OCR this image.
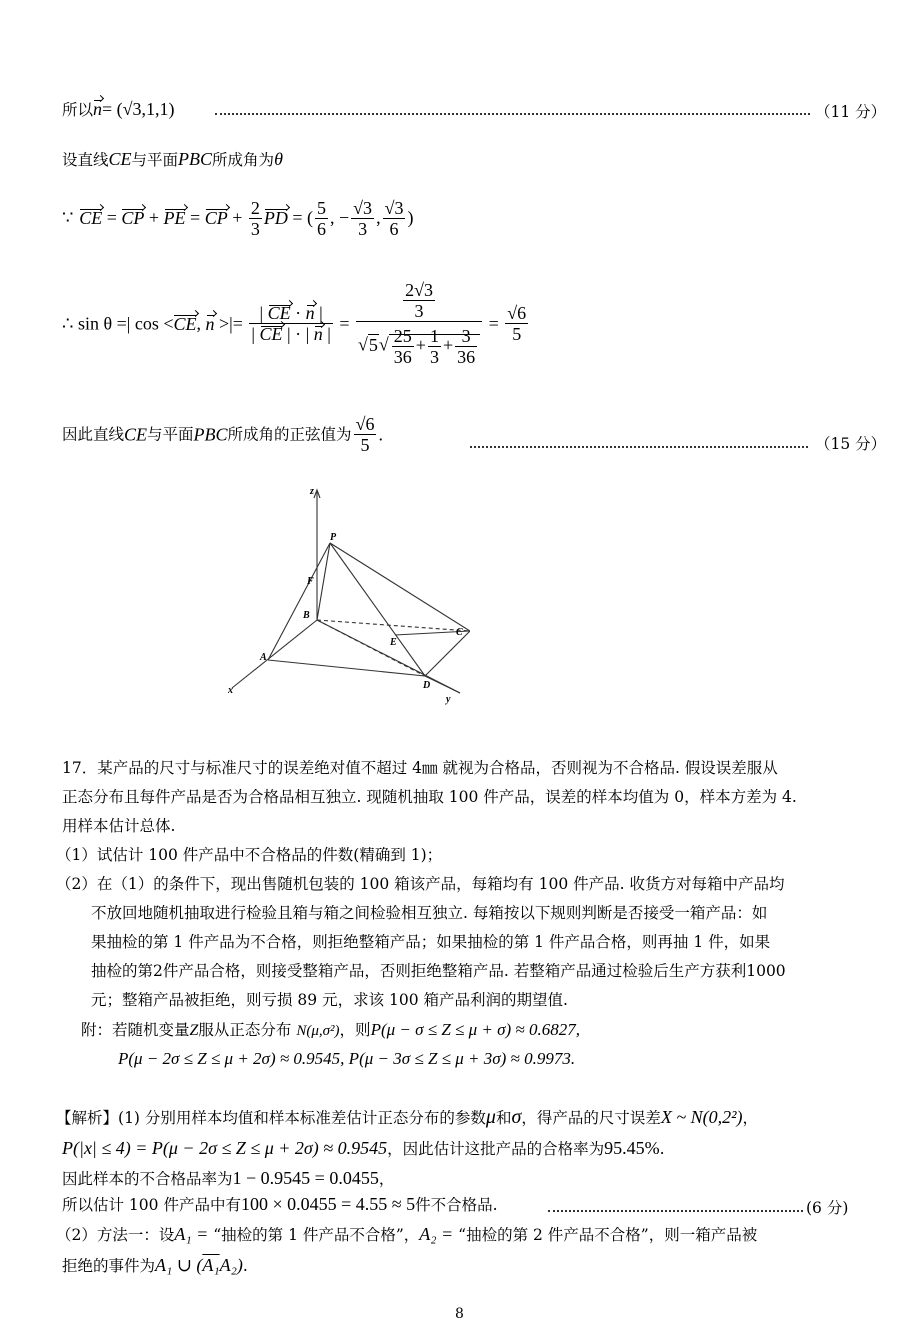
所以n= (√3,1,1)	（11 分）
设直线CE与平面PBC所成角为θ
∵ CE = CP + PE = CP + $\frac{2}{3}$ PD = ( $\frac{5}{6}$ , − $\frac{√3}{3}$ , $\frac{√3}{6}$ )
∴ sin θ =| cos <CE, n >|= $\frac{| CE \cdot n |}{| CE | \cdot | n |} = \frac{\frac{2√3}{3}}{√5√ \frac{25}{36} + \frac{1}{3} + \frac{3}{36}} = \frac{√6}{5}$
因此直线CE与平面PBC所成角的正弦值为 $\frac{√6}{5}$ .	（15 分）
z
P
F
B
E
C
A
D
x
y
17．某产品的尺寸与标准尺寸的误差绝对值不超过 4㎜ 就视为合格品，否则视为不合格品. 假设误差服从
正态分布且每件产品是否为合格品相互独立. 现随机抽取 100 件产品，误差的样本均值为 0，样本方差为 4.
用样本估计总体.
（1）试估计 100 件产品中不合格品的件数(精确到 1)；
（2）在（1）的条件下，现出售随机包装的 100 箱该产品，每箱均有 100 件产品. 收货方对每箱中产品均
不放回地随机抽取进行检验且箱与箱之间检验相互独立. 每箱按以下规则判断是否接受一箱产品：如
果抽检的第 1 件产品为不合格，则拒绝整箱产品；如果抽检的第 1 件产品合格，则再抽 1 件，如果
抽检的第2件产品合格，则接受整箱产品，否则拒绝整箱产品. 若整箱产品通过检验后生产方获利1000
元；整箱产品被拒绝，则亏损 89 元，求该 100 箱产品利润的期望值.
附：若随机变量Z服从正态分布 N(μ,σ²)，则P(μ − σ ≤ Z ≤ μ + σ) ≈ 0.6827,
P(μ − 2σ ≤ Z ≤ μ + 2σ) ≈ 0.9545, P(μ − 3σ ≤ Z ≤ μ + 3σ) ≈ 0.9973.
【解析】(1) 分别用样本均值和样本标准差估计正态分布的参数μ和σ，得产品的尺寸误差X ~ N(0,2²)，
P(|x| ≤ 4) = P(μ − 2σ ≤ Z ≤ μ + 2σ) ≈ 0.9545，因此估计这批产品的合格率为95.45%.
因此样本的不合格品率为1 − 0.9545 = 0.0455，
所以估计 100 件产品中有100 × 0.0455 = 4.55 ≈ 5件不合格品.	(6 分)
（2）方法一：设A₁ = “抽检的第 1 件产品不合格”，A₂ = “抽检的第 2 件产品不合格”，则一箱产品被
拒绝的事件为A₁ ∪ (A₁A₂).
8
